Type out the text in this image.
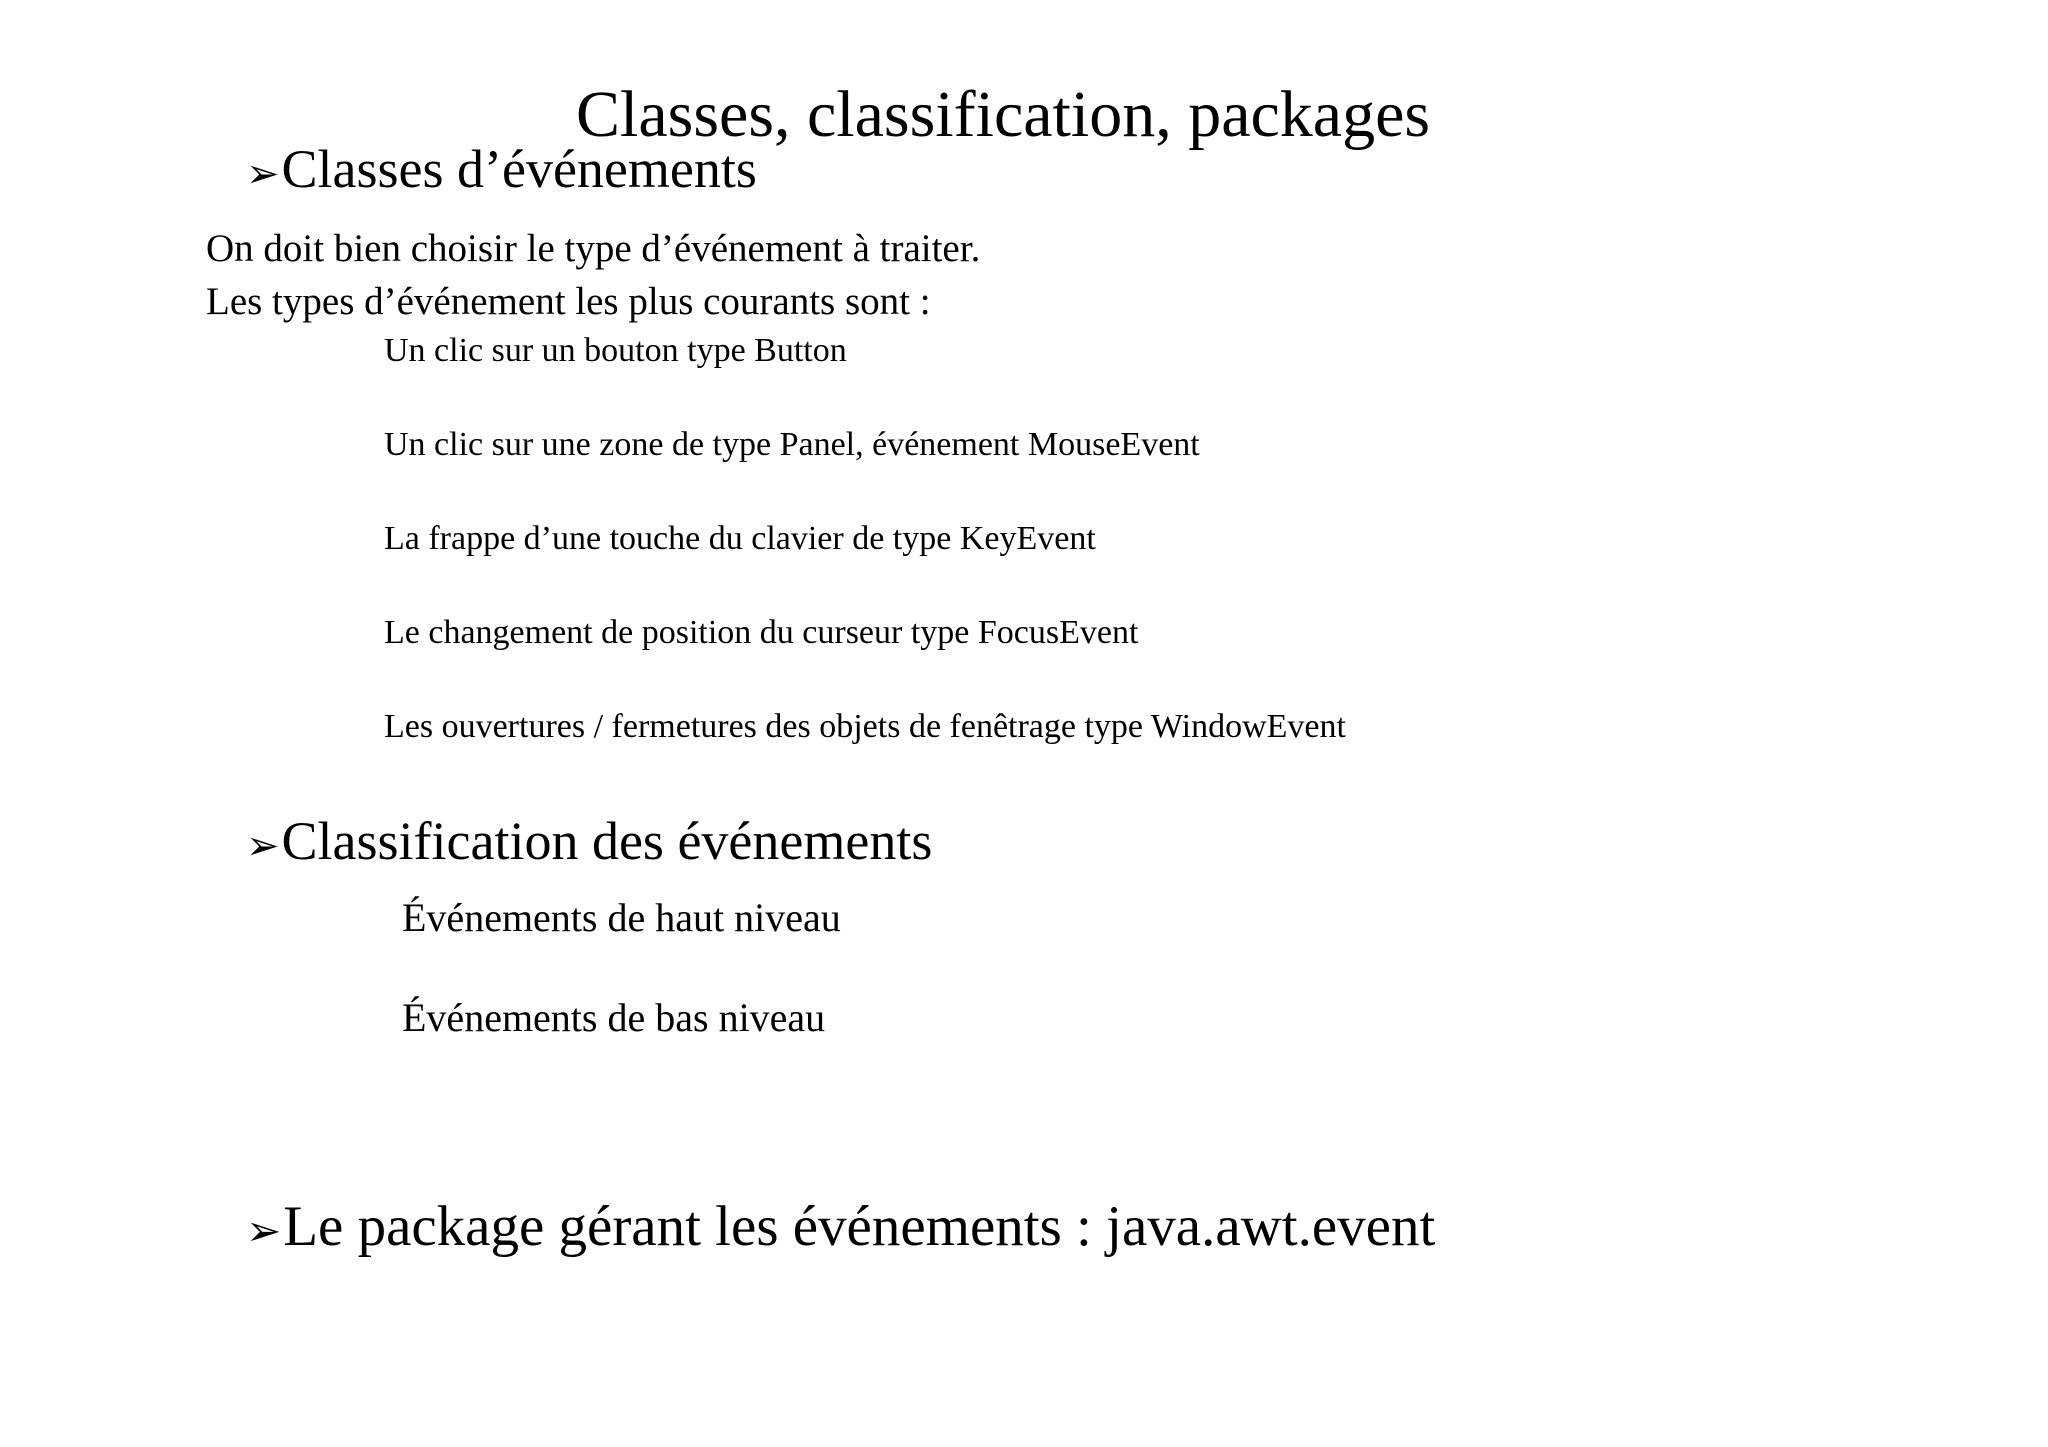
Classes, classification, packages
➢ Classes d’événements
On doit bien choisir le type d’événement à traiter.
Les types d’événement les plus courants sont :
Un clic sur un bouton type Button
Un clic sur une zone de type Panel, événement MouseEvent
La frappe d’une touche du clavier de type KeyEvent
Le changement de position du curseur type FocusEvent
Les ouvertures / fermetures des objets de fenêtrage type WindowEvent
➢ Classification des événements
Événements de haut niveau
Événements de bas niveau
➢ Le package gérant les événements : java.awt.event
